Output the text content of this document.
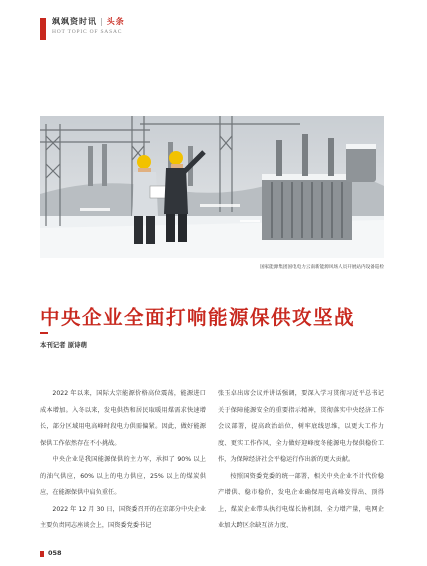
飒飒资时讯 | 头条
HOT TOPIC OF SASAC
国家能源集团国电电力云南新能源风场人员开展站内设备巡检
中央企业全面打响能源保供攻坚战
本刊记者 原诗萌

2022 年以来，国际大宗能源价格高位震荡，能源进口成本增加。入冬以来，发电供热和居民取暖用煤需求快速增长，部分区域用电高峰时段电力供需偏紧。因此，做好能源保供工作依然存在不小挑战。

中央企业是我国能源保供的主力军，承担了 90% 以上的油气供应，60% 以上的电力供应，25% 以上的煤炭供应，在能源保供中肩负重任。

2022 年 12 月 30 日，国资委召开的在京部分中央企业主要负责同志座谈会上，国资委党委书记

张玉卓出席会议并讲话强调，要深入学习贯彻习近平总书记关于保障能源安全的重要指示精神，贯彻落实中央经济工作会议部署，提高政治站位，树牢底线思维，以更大工作力度、更实工作作风，全力做好迎峰度冬能源电力保供稳价工作，为保障经济社会平稳运行作出新的更大贡献。

按照国资委党委的统一部署，相关中央企业不计代价稳产增供、稳市稳价，发电企业确保用电高峰发得出、顶得上，煤炭企业带头执行电煤长协机制、全力增产量，电网企业加大跨区余缺互济力度、

058
